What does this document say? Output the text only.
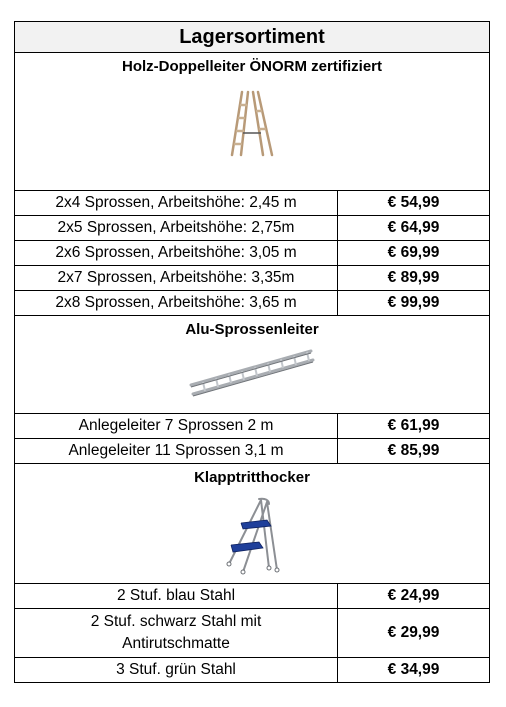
Lagersortiment
Holz-Doppelleiter ÖNORM zertifiziert
2x4 Sprossen, Arbeitshöhe: 2,45 m	€ 54,99
2x5 Sprossen, Arbeitshöhe: 2,75m	€ 64,99
2x6 Sprossen, Arbeitshöhe: 3,05 m	€ 69,99
2x7 Sprossen, Arbeitshöhe: 3,35m	€ 89,99
2x8 Sprossen, Arbeitshöhe: 3,65 m	€ 99,99
Alu-Sprossenleiter
Anlegeleiter 7 Sprossen 2 m	€ 61,99
Anlegeleiter 11 Sprossen 3,1 m	€ 85,99
Klapptritthocker
2 Stuf. blau Stahl	€ 24,99
2 Stuf. schwarz Stahl mit Antirutschmatte
€ 29,99
3 Stuf. grün Stahl	€ 34,99
